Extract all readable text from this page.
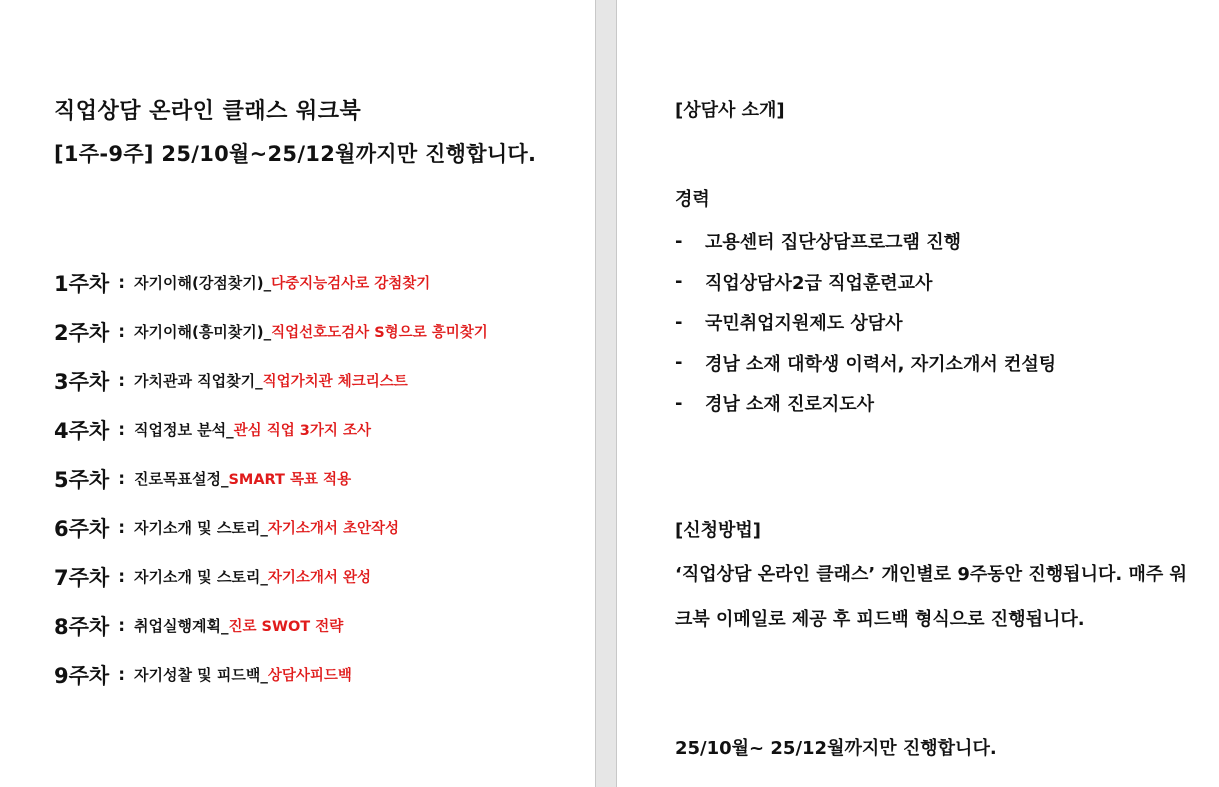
직업상담 온라인 클래스 워크북
[1주-9주] 25/10월~25/12월까지만 진행합니다.
1주차 : 자기이해(강점찾기)_ 다중지능검사로 강첨찾기
2주차 : 자기이해(흥미찾기)_ 직업선호도검사 S형으로 흥미찾기
3주차 : 가치관과 직업찾기_ 직업가치관 체크리스트
4주차 : 직업정보 분석_ 관심 직업 3가지 조사
5주차 : 진로목표설정_ SMART 목표 적용
6주차 : 자기소개 및 스토리_ 자기소개서 초안작성
7주차 : 자기소개 및 스토리_ 자기소개서 완성
8주차 : 취업실행계획_ 진로 SWOT 전략
9주차 : 자기성찰 및 피드백_ 상담사피드백
[상담사 소개]
경력
-	고용센터 집단상담프로그램 진행
-	직업상담사2급 직업훈련교사
-	국민취업지원제도 상담사
-	경남 소재 대학생 이력서, 자기소개서 컨설팅
-	경남 소재 진로지도사
[신청방법]
‘직업상담 온라인 클래스’ 개인별로 9주동안 진행됩니다. 매주 워크북 이메일로 제공 후 피드백 형식으로 진행됩니다.
25/10월~ 25/12월까지만 진행합니다.
